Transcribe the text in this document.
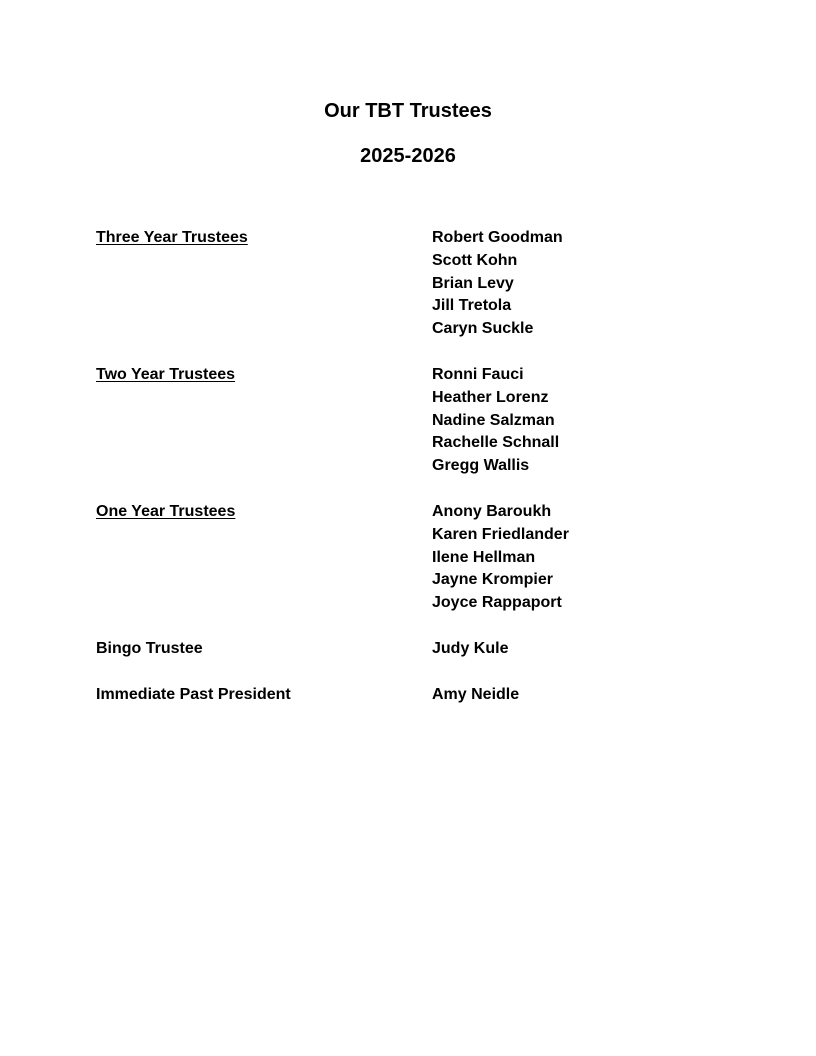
Our TBT Trustees
2025-2026
Three Year Trustees	Robert Goodman
Scott Kohn
Brian Levy
Jill Tretola
Caryn Suckle
Two Year Trustees	Ronni Fauci
Heather Lorenz
Nadine Salzman
Rachelle Schnall
Gregg Wallis
One Year Trustees	Anony Baroukh
Karen Friedlander
Ilene Hellman
Jayne Krompier
Joyce Rappaport
Bingo Trustee	Judy Kule
Immediate Past President	Amy Neidle
